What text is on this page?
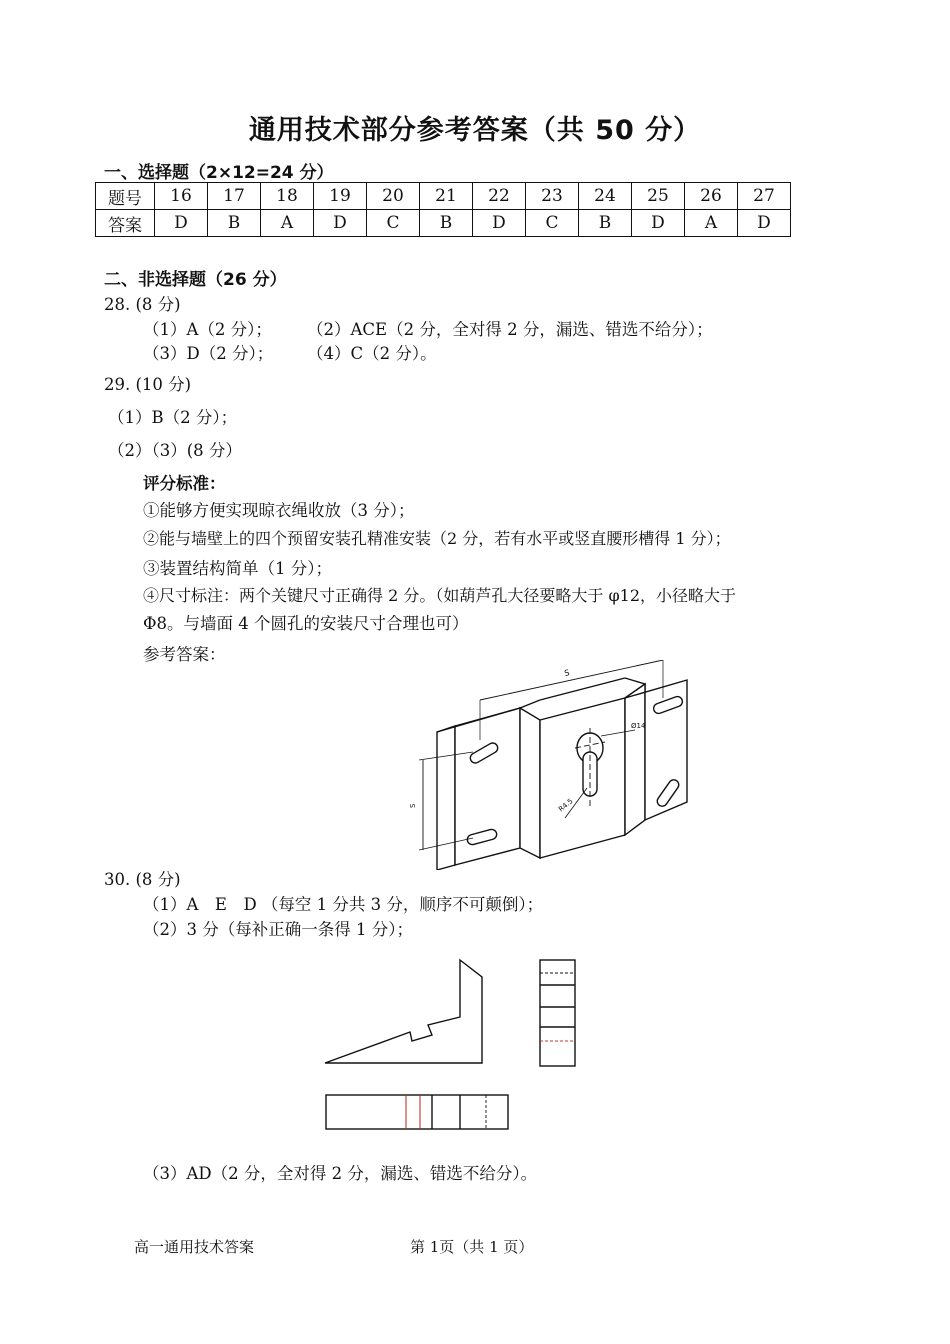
通用技术部分参考答案（共 50 分）
一、选择题（2×12=24 分）
题号	16	17	18	19	20	21	22	23	24	25	26	27
答案	D	B	A	D	C	B	D	C	B	D	A	D
二、非选择题（26 分）
28. (8 分)
（1）A（2 分）； （2）ACE（2 分，全对得 2 分，漏选、错选不给分）；
（3）D（2 分）； （4）C（2 分）。
29. (10 分)
（1）B（2 分）；
（2）（3）(8 分）
评分标准：
①能够方便实现晾衣绳收放（3 分）；
②能与墙壁上的四个预留安装孔精准安装（2 分，若有水平或竖直腰形槽得 1 分）；
③装置结构简单（1 分）；
④尺寸标注：两个关键尺寸正确得 2 分。（如葫芦孔大径要略大于 φ12，小径略大于
Φ8。与墙面 4 个圆孔的安装尺寸合理也可）
参考答案：
Ø14
S
S	R4.5
30. (8 分)
（1）A　E　D （每空 1 分共 3 分，顺序不可颠倒）；
（2）3 分（每补正确一条得 1 分）；
（3）AD（2 分，全对得 2 分，漏选、错选不给分）。
高一通用技术答案	第 1页（共 1 页）
